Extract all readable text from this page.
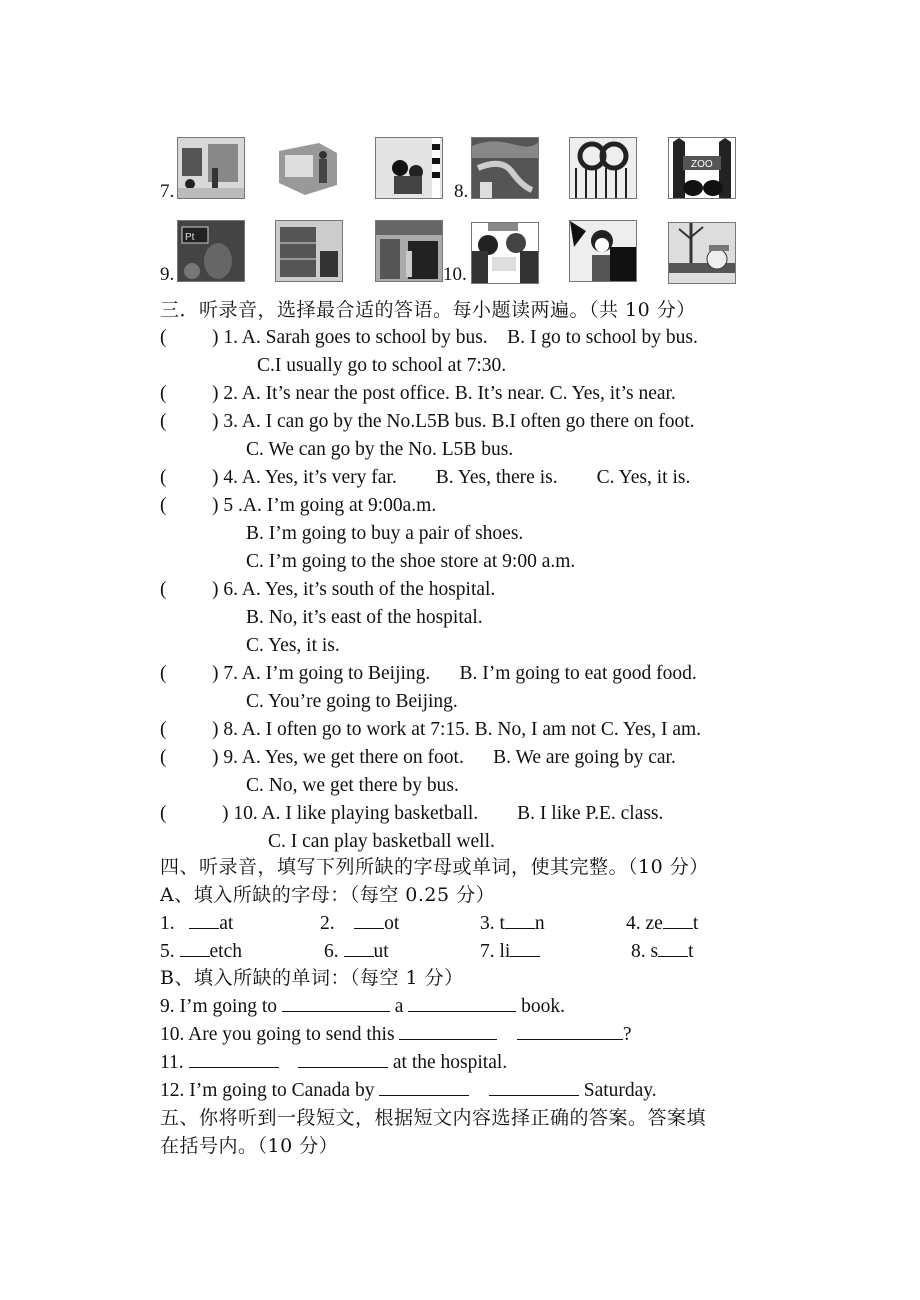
7.	8.
ZOO
9.
Pt
10.
三．听录音，选择最合适的答语。每小题读两遍。（共 10 分）
( ) 1. A. Sarah goes to school by bus.    B. I go to school by bus.
C.I usually go to school at 7:30.
( ) 2. A. It’s near the post office. B. It’s near. C. Yes, it’s near.
( ) 3. A. I can go by the No.L5B bus. B.I often go there on foot.
C. We can go by the No. L5B bus.
( ) 4. A. Yes, it’s very far.        B. Yes, there is.        C. Yes, it is.
( ) 5 .A. I’m going at 9:00a.m.
B. I’m going to buy a pair of shoes.
C. I’m going to the shoe store at 9:00 a.m.
( ) 6. A. Yes, it’s south of the hospital.
B. No, it’s east of the hospital.
C. Yes, it is.
( ) 7. A. I’m going to Beijing.      B. I’m going to eat good food.
C. You’re going to Beijing.
( ) 8. A. I often go to work at 7:15. B. No, I am not C. Yes, I am.
( ) 9. A. Yes, we get there on foot.      B. We are going by car.
C. No, we get there by bus.
(	) 10. A. I like playing basketball.        B. I like P.E. class.
C. I can play basketball well.
四、听录音，填写下列所缺的字母或单词，使其完整。（10 分）
A、填入所缺的字母：（每空 0.25 分）
1. at	2.	ot	3. t n	4. ze t
5. etch	6. ut	7. li	8. s t
B、填入所缺的单词：（每空 1 分）
9. I’m going to	a	book.
10. Are you going to send this	?
11.	at the hospital.
12. I’m going to Canada by	Saturday.
五、你将听到一段短文，根据短文内容选择正确的答案。答案填
在括号内。（10 分）
